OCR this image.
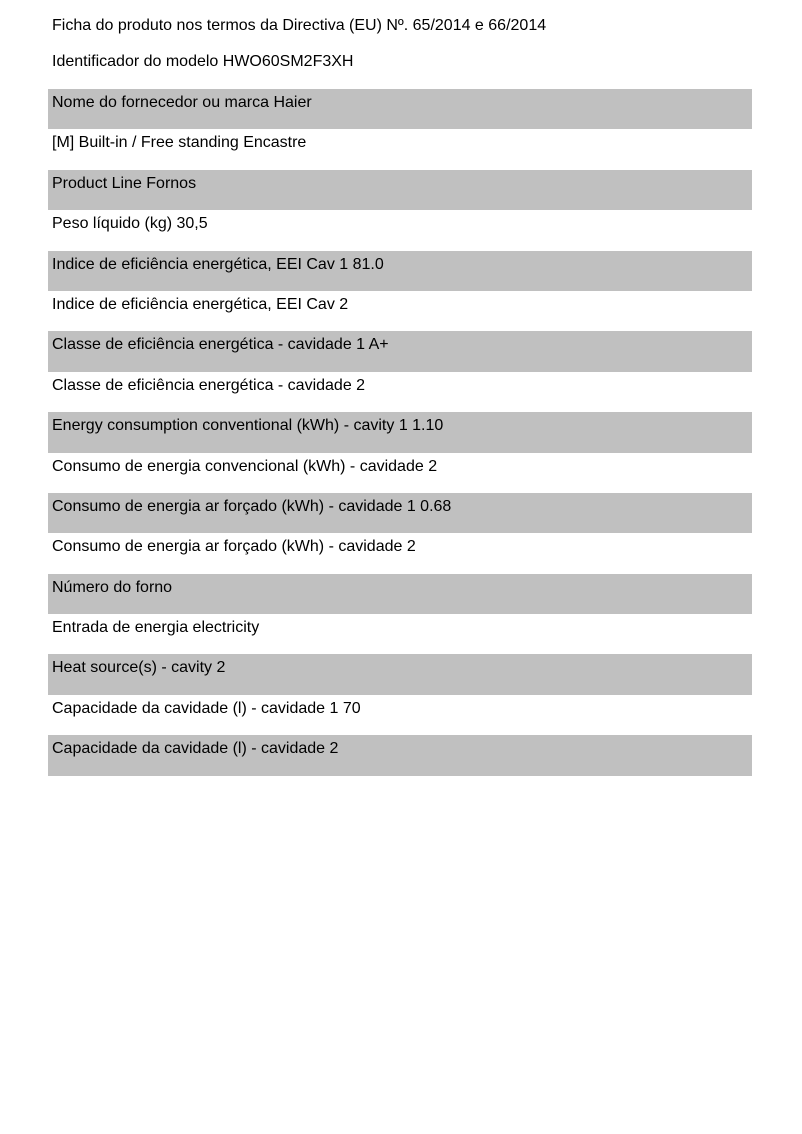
Ficha do produto nos termos da Directiva (EU) Nº. 65/2014 e 66/2014
Identificador do modelo HWO60SM2F3XH
Nome do fornecedor ou marca Haier
[M] Built-in / Free standing Encastre
Product Line Fornos
Peso líquido (kg) 30,5
Indice de eficiência energética, EEI Cav 1 81.0
Indice de eficiência energética, EEI Cav 2
Classe de eficiência energética - cavidade 1 A+
Classe de eficiência energética - cavidade 2
Energy consumption conventional (kWh) - cavity 1 1.10
Consumo de energia convencional (kWh) - cavidade 2
Consumo de energia ar forçado (kWh) - cavidade 1 0.68
Consumo de energia ar forçado (kWh) - cavidade 2
Número do forno
Entrada de energia electricity
Heat source(s) - cavity 2
Capacidade da cavidade (l) - cavidade 1 70
Capacidade da cavidade (l) - cavidade 2
